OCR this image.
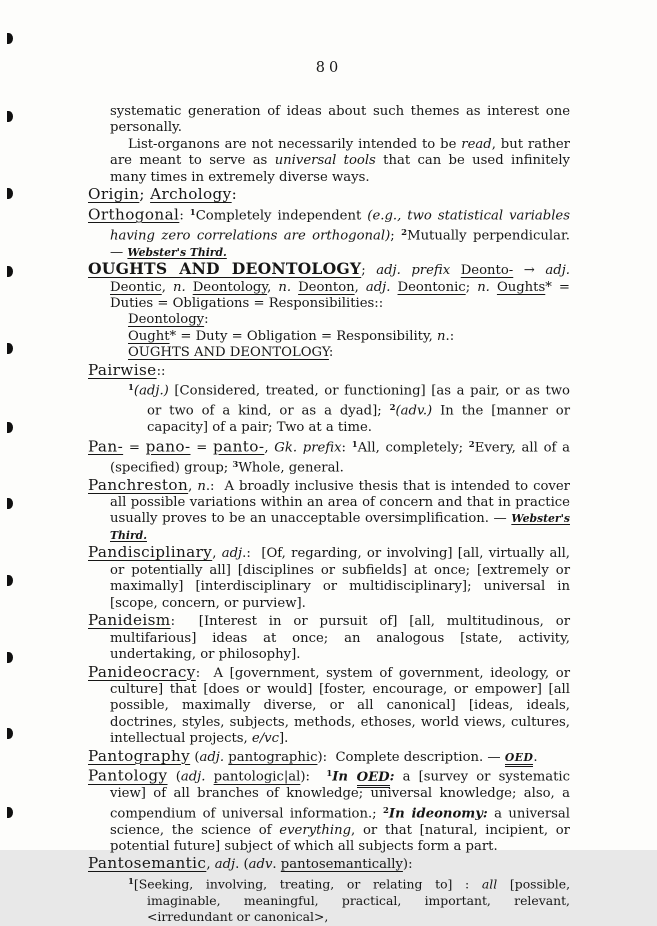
80

systematic generation of ideas about such themes as interest one personally.

List-organons are not necessarily intended to be read, but rather are meant to serve as universal tools that can be used infinitely many times in extremely diverse ways.

Origin; Archology:

Orthogonal: $^1$Completely independent (e.g., two statistical variables having zero correlations are orthogonal); $^2$Mutually perpendicular. — Webster's Third.

OUGHTS AND DEONTOLOGY; adj. prefix Deonto- → adj. Deontic, n. Deontology, n. Deonton, adj. Deontonic; n. Oughts* = Duties = Obligations = Responsibilities::

Deontology:

Ought* = Duty = Obligation = Responsibility, n.:

OUGHTS AND DEONTOLOGY:

Pairwise::

$^1$(adj.) [Considered, treated, or functioning] [as a pair, or as two or two of a kind, or as a dyad]; $^2$(adv.) In the [manner or capacity] of a pair; Two at a time.

Pan- = pano- = panto-, Gk. prefix: $^1$All, completely; $^2$Every, all of a (specified) group; $^3$Whole, general.

Panchreston, n.:  A broadly inclusive thesis that is intended to cover all possible variations within an area of concern and that in practice usually proves to be an unacceptable oversimplification. — Webster's Third.

Pandisciplinary, adj.:  [Of, regarding, or involving] [all, virtually all, or potentially all] [disciplines or subfields] at once; [extremely or maximally] [interdisciplinary or multidisciplinary]; universal in [scope, concern, or purview].

Panideism:  [Interest in or pursuit of] [all, multitudinous, or multifarious] ideas at once; an analogous [state, activity, undertaking, or philosophy].

Panideocracy:  A [government, system of government, ideology, or culture] that [does or would] [foster, encourage, or empower] [all possible, maximally diverse, or all canonical] [ideas, ideals, doctrines, styles, subjects, methods, ethoses, world views, cultures, intellectual projects, e/vc].

Pantography (adj. pantographic):  Complete description. — OED.

Pantology (adj. pantologic|al):  $^1$In OED: a [survey or systematic view] of all branches of knowledge; universal knowledge; also, a compendium of universal information.; $^2$In ideonomy: a universal science, the science of everything, or that [natural, incipient, or potential future] subject of which all subjects form a part.

Pantosemantic, adj. (adv. pantosemantically):

$^1$[Seeking, involving, treating, or relating to] : all [possible, imaginable, meaningful, practical, important, relevant, <irredundant or canonical>,
